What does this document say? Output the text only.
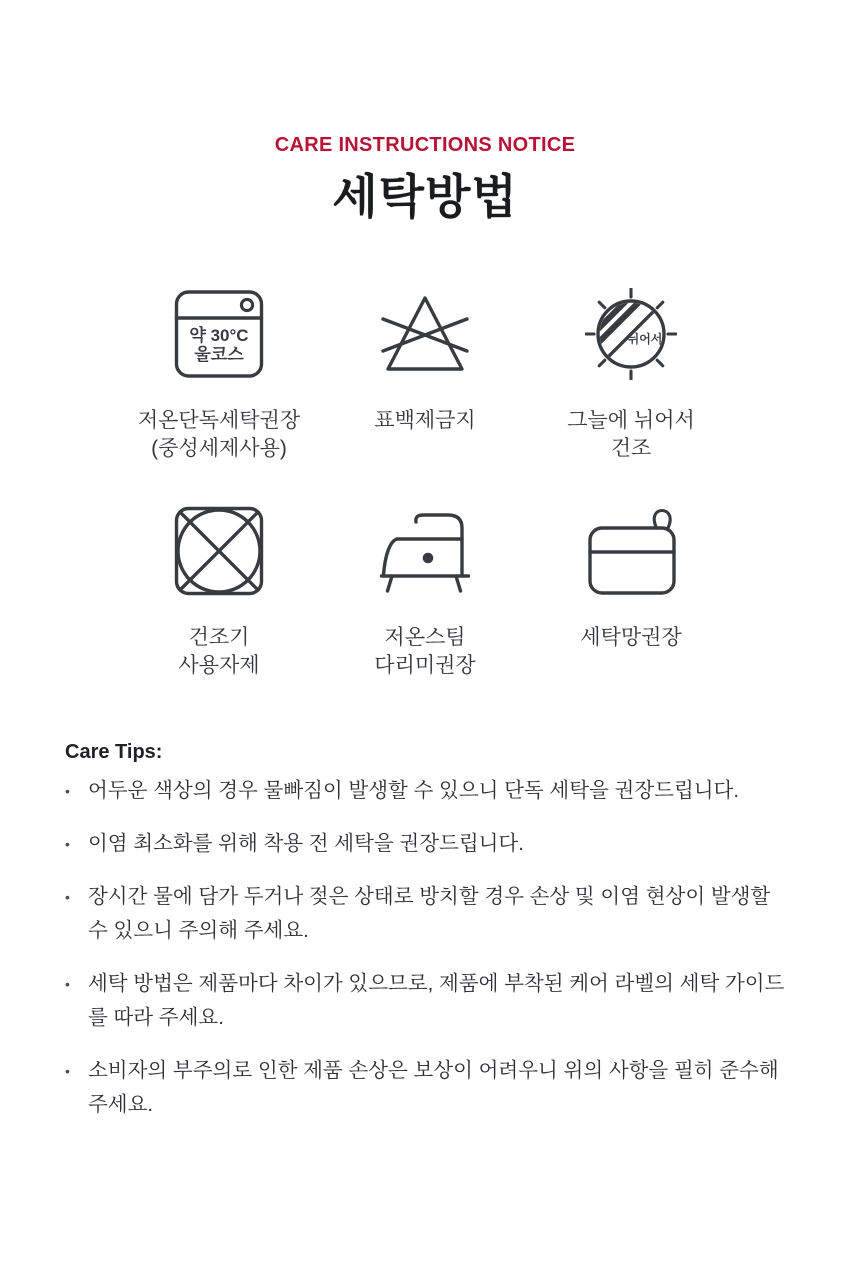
CARE INSTRUCTIONS NOTICE
세탁방법
약 30°C
울코스
저온단독세탁권장
(중성세제사용)
표백제금지
뉘어서
그늘에 뉘어서
건조
건조기
사용자제
저온스팀
다리미권장
세탁망권장
Care Tips:
• 어두운 색상의 경우 물빠짐이 발생할 수 있으니 단독 세탁을 권장드립니다.
• 이염 최소화를 위해 착용 전 세탁을 권장드립니다.
• 장시간 물에 담가 두거나 젖은 상태로 방치할 경우 손상 및 이염 현상이 발생할 수 있으니 주의해 주세요.
• 세탁 방법은 제품마다 차이가 있으므로, 제품에 부착된 케어 라벨의 세탁 가이드를 따라 주세요.
• 소비자의 부주의로 인한 제품 손상은 보상이 어려우니 위의 사항을 필히 준수해 주세요.
